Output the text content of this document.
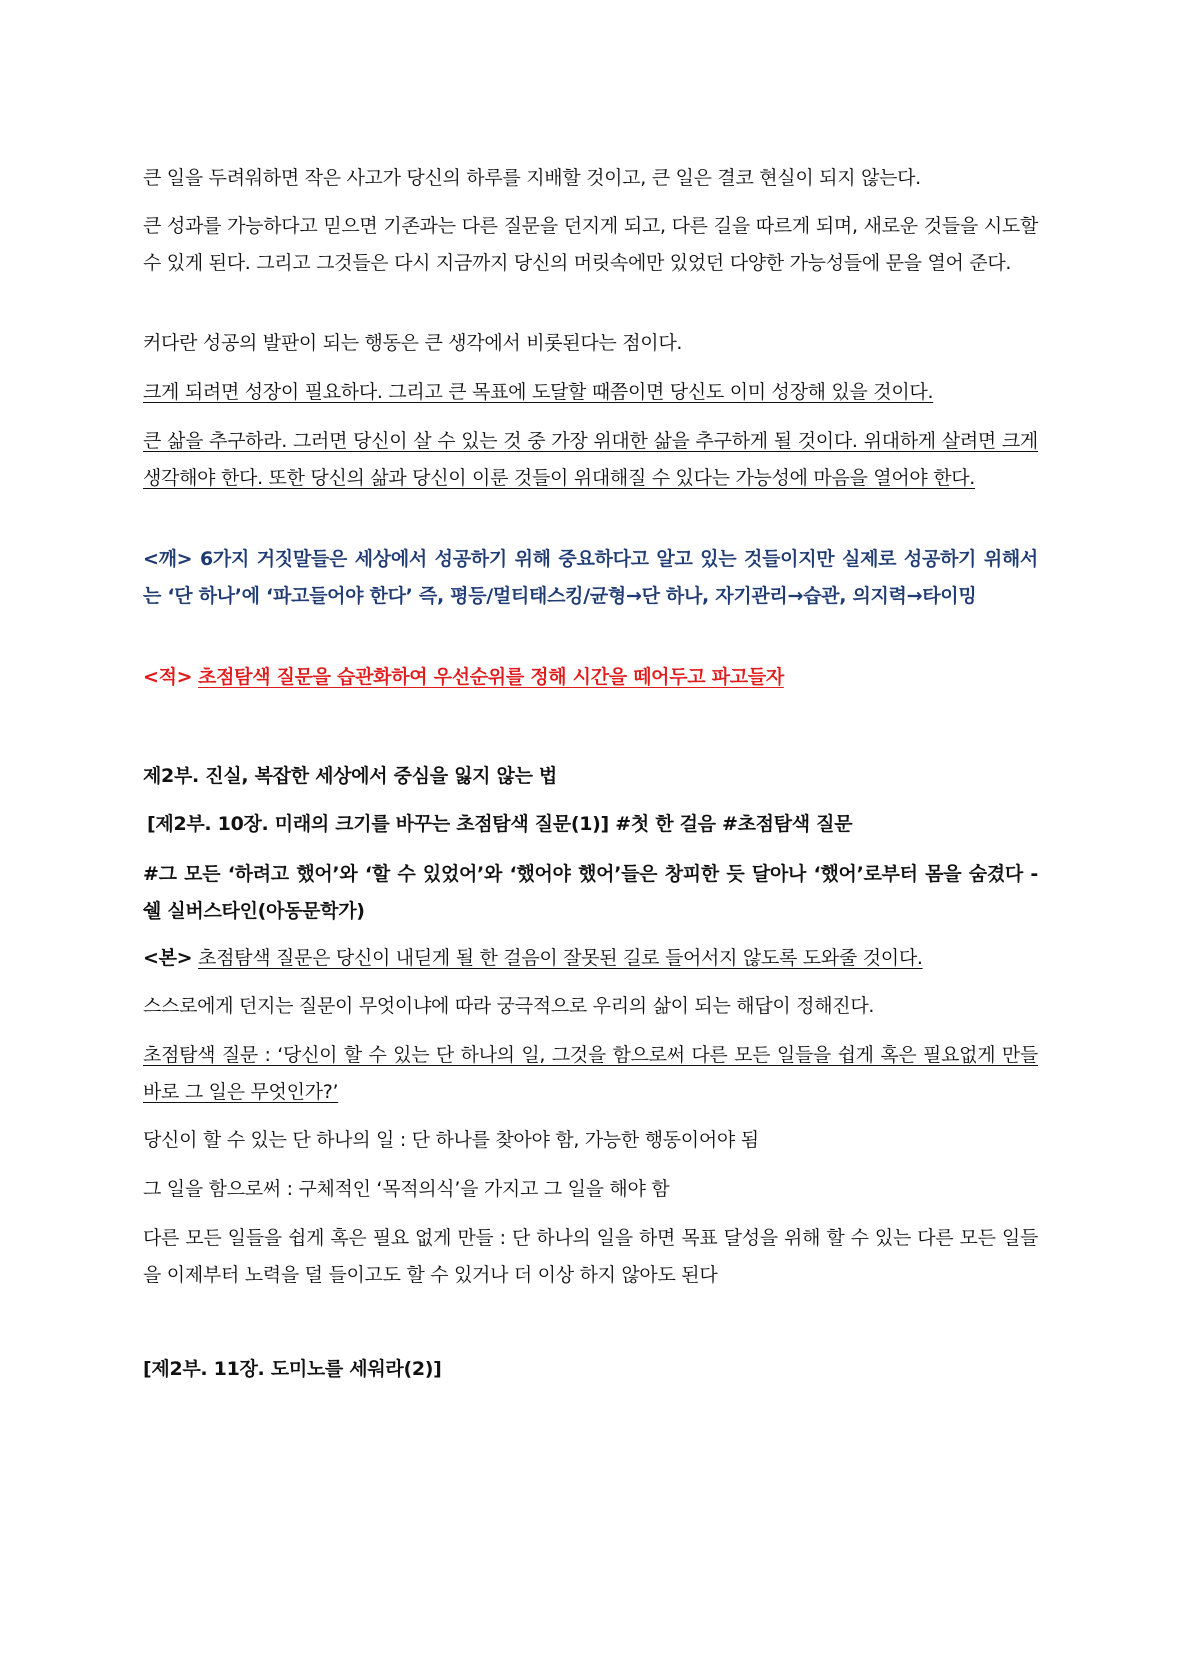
큰 일을 두려워하면 작은 사고가 당신의 하루를 지배할 것이고, 큰 일은 결코 현실이 되지 않는다.

큰 성과를 가능하다고 믿으면 기존과는 다른 질문을 던지게 되고, 다른 길을 따르게 되며, 새로운 것들을 시도할 수 있게 된다. 그리고 그것들은 다시 지금까지 당신의 머릿속에만 있었던 다양한 가능성들에 문을 열어 준다.

커다란 성공의 발판이 되는 행동은 큰 생각에서 비롯된다는 점이다.

크게 되려면 성장이 필요하다. 그리고 큰 목표에 도달할 때쯤이면 당신도 이미 성장해 있을 것이다.

큰 삶을 추구하라. 그러면 당신이 살 수 있는 것 중 가장 위대한 삶을 추구하게 될 것이다. 위대하게 살려면 크게 생각해야 한다. 또한 당신의 삶과 당신이 이룬 것들이 위대해질 수 있다는 가능성에 마음을 열어야 한다.

<깨> 6가지 거짓말들은 세상에서 성공하기 위해 중요하다고 알고 있는 것들이지만 실제로 성공하기 위해서는 ‘단 하나’에 ‘파고들어야 한다’ 즉, 평등/멀티태스킹/균형→단 하나, 자기관리→습관, 의지력→타이밍

<적> 초점탐색 질문을 습관화하여 우선순위를 정해 시간을 떼어두고 파고들자

제2부. 진실, 복잡한 세상에서 중심을 잃지 않는 법

[제2부. 10장. 미래의 크기를 바꾸는 초점탐색 질문(1)] #첫 한 걸음 #초점탐색 질문

#그 모든 ‘하려고 했어’와 ‘할 수 있었어’와 ‘했어야 했어’들은 창피한 듯 달아나 ‘했어’로부터 몸을 숨겼다 - 쉘 실버스타인(아동문학가)

<본> 초점탐색 질문은 당신이 내딛게 될 한 걸음이 잘못된 길로 들어서지 않도록 도와줄 것이다.

스스로에게 던지는 질문이 무엇이냐에 따라 궁극적으로 우리의 삶이 되는 해답이 정해진다.

초점탐색 질문 : ‘당신이 할 수 있는 단 하나의 일, 그것을 함으로써 다른 모든 일들을 쉽게 혹은 필요없게 만들 바로 그 일은 무엇인가?’

당신이 할 수 있는 단 하나의 일 : 단 하나를 찾아야 함, 가능한 행동이어야 됨

그 일을 함으로써 : 구체적인 ‘목적의식’을 가지고 그 일을 해야 함

다른 모든 일들을 쉽게 혹은 필요 없게 만들 : 단 하나의 일을 하면 목표 달성을 위해 할 수 있는 다른 모든 일들을 이제부터 노력을 덜 들이고도 할 수 있거나 더 이상 하지 않아도 된다

[제2부. 11장. 도미노를 세워라(2)]
